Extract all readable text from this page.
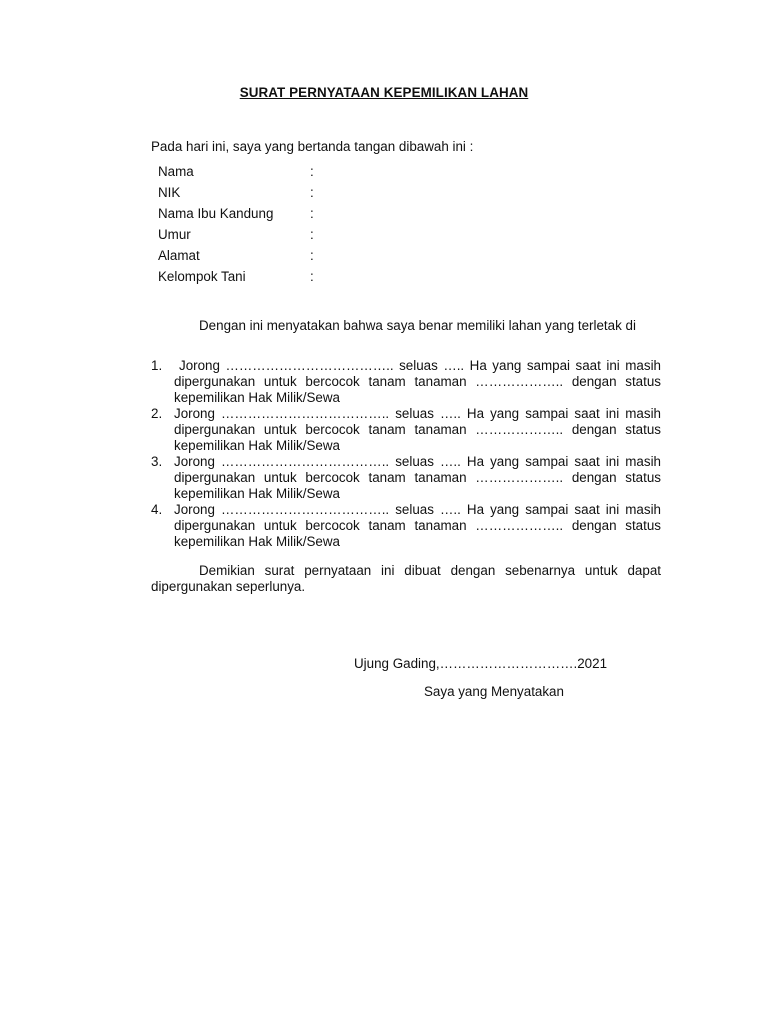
SURAT PERNYATAAN KEPEMILIKAN LAHAN
Pada hari ini, saya yang bertanda tangan dibawah ini :
Nama	:
NIK	:
Nama Ibu Kandung	:
Umur	:
Alamat	:
Kelompok Tani	:
Dengan ini menyatakan bahwa saya benar memiliki lahan yang terletak di
1.	Jorong ……………………………….. seluas ….. Ha yang sampai saat ini masih dipergunakan untuk bercocok tanam tanaman ……………….. dengan status kepemilikan Hak Milik/Sewa
2. Jorong ……………………………….. seluas ….. Ha yang sampai saat ini masih dipergunakan untuk bercocok tanam tanaman ……………….. dengan status kepemilikan Hak Milik/Sewa
3. Jorong ……………………………….. seluas ….. Ha yang sampai saat ini masih dipergunakan untuk bercocok tanam tanaman ……………….. dengan status kepemilikan Hak Milik/Sewa
4. Jorong ……………………………….. seluas ….. Ha yang sampai saat ini masih dipergunakan untuk bercocok tanam tanaman ……………….. dengan status kepemilikan Hak Milik/Sewa
Demikian surat pernyataan ini dibuat dengan sebenarnya untuk dapat dipergunakan seperlunya.
Ujung Gading,………………………….2021
Saya yang Menyatakan
